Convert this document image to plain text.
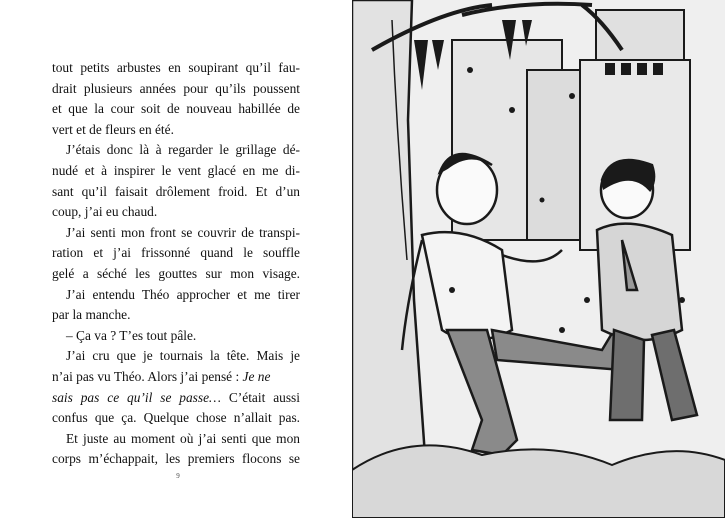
tout petits arbustes en soupirant qu’il fau-
drait plusieurs années pour qu’ils poussent
et que la cour soit de nouveau habillée de
vert et de fleurs en été.
J’étais donc là à regarder le grillage dé-
nudé et à inspirer le vent glacé en me di-
sant qu’il faisait drôlement froid. Et d’un
coup, j’ai eu chaud.
J’ai senti mon front se couvrir de transpi-
ration et j’ai frissonné quand le souffle
gelé a séché les gouttes sur mon visage.
J’ai entendu Théo approcher et me tirer
par la manche.
– Ça va ? T’es tout pâle.
J’ai cru que je tournais la tête. Mais je
n’ai pas vu Théo. Alors j’ai pensé : Je ne
sais pas ce qu’il se passe… C’était aussi
confus que ça. Quelque chose n’allait pas.
Et juste au moment où j’ai senti que mon
corps m’échappait, les premiers flocons se
9
